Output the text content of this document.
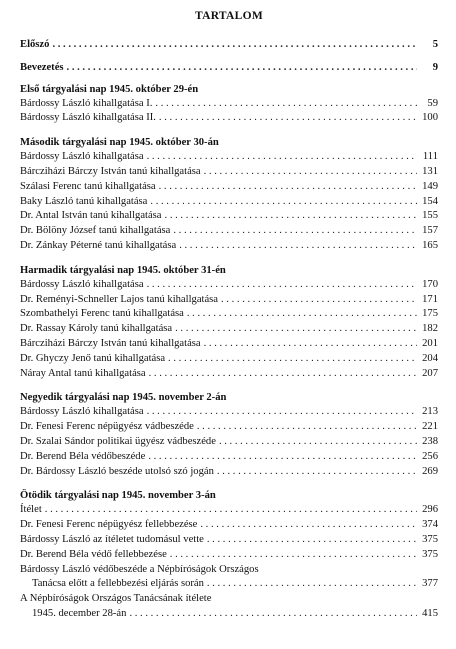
TARTALOM
Előszó . . .	5
Bevezetés . . .	9
Első tárgyalási nap 1945. október 29-én
Bárdossy László kihallgatása I. . . .	59
Bárdossy László kihallgatása II. . . .	100
Második tárgyalási nap 1945. október 30-án
Bárdossy László kihallgatása . . .	111
Bárcziházi Bárczy István tanú kihallgatása . . .	131
Szálasi Ferenc tanú kihallgatása . . .	149
Baky László tanú kihallgatása . . .	154
Dr. Antal István tanú kihallgatása . . .	155
Dr. Bölöny József tanú kihallgatása . . .	157
Dr. Zánkay Péterné tanú kihallgatása . . .	165
Harmadik tárgyalási nap 1945. október 31-én
Bárdossy László kihallgatása . . .	170
Dr. Reményi-Schneller Lajos tanú kihallgatása . . .	171
Szombathelyi Ferenc tanú kihallgatása . . .	175
Dr. Rassay Károly tanú kihallgatása . . .	182
Bárcziházi Bárczy István tanú kihallgatása . . .	201
Dr. Ghyczy Jenő tanú kihallgatása . . .	204
Náray Antal tanú kihallgatása . . .	207
Negyedik tárgyalási nap 1945. november 2-án
Bárdossy László kihallgatása . . .	213
Dr. Fenesi Ferenc népügyész vádbeszéde . . .	221
Dr. Szalai Sándor politikai ügyész vádbeszéde . . .	238
Dr. Berend Béla védőbeszéde . . .	256
Dr. Bárdossy László beszéde utolsó szó jogán . . .	269
Ötödik tárgyalási nap 1945. november 3-án
Ítélet . . .	296
Dr. Fenesi Ferenc népügyész fellebbezése . . .	374
Bárdossy László az ítéletet tudomásul vette . . .	375
Dr. Berend Béla védő fellebbezése . . .	375
Bárdossy László védőbeszéde a Népbíróságok Országos
Tanácsa előtt a fellebbezési eljárás során . . .	377
A Népbíróságok Országos Tanácsának ítélete
1945. december 28-án . . .	415
